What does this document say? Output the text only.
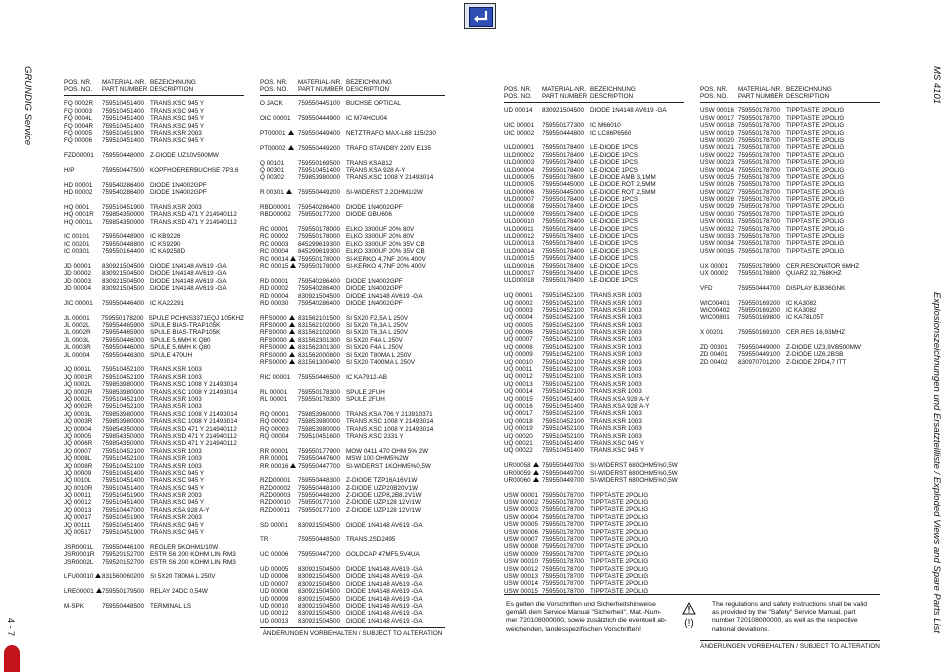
GRUNDIG Service	MS 4101
Explosionszeichnungen und Ersatzteilliste / Exploded Views and Spare Parts List
4 - 7
POS. NR.	MATERIAL-NR. BEZEICHNUNG
POS. NO.	PART NUMBER DESCRIPTION
FQ 0002R	759510451400 TRANS.KSC 945 Y
FQ 00003	759510451400 TRANS.KSC 945 Y
FQ 0004L	759510451400 TRANS.KSC 945 Y
FQ 0004R	759510451400 TRANS.KSC 945 Y
FQ 00005	759510451900 TRANS.KSR 2003
FQ 00006	759510451400 TRANS.KSC 945 Y
FZD00001	759550448000 Z-DIODE UZ10V500MW
H/P	759550447500 KOPFHOERERBUCHSE 7P3,6
HD 00001	759540286400 DIODE 1N4002GPF
HD 00002	759540286400 DIODE 1N4002GPF
HQ 0001	759510451900 TRANS.KSR 2003
HQ 0001R	759854350000 TRANS.KSD 471 Y 214940112
HQ 0001L	759854350000 TRANS.KSD 471 Y 214940112
IC 00101	759550448900 IC KB9226
IC 00201	759550448800 IC KS9290
IC 00301	759550164400 IC KA9258D
JD 00001	830921504500 DIODE 1N4148 AV619 -GA
JD 00002	830921504500 DIODE 1N4148 AV619 -GA
JD 00003	830921504500 DIODE 1N4148 AV619 -GA
JD 00004	830921504500 DIODE 1N4148 AV619 -GA
JIC 00001	759550446400 IC KA22291
JL 00001	759550178200 SPULE PCHNS3371EQJ 105KHZ
JL 0002L	759554465900 SPULE BIAS-TRAP105K
JL 0002R	759554465900 SPULE BIAS-TRAP105K
JL 0003L	759550446000 SPULE 5,6MH K Q80
JL 0003R	759550446000 SPULE 5,6MH K Q80
JL 00004	759550446300 SPULE 470UH
JQ 0001L	759510452100 TRANS.KSR 1003
JQ 0001R	759510452100 TRANS.KSR 1003
JQ 0002L	759853980000 TRANS.KSC 1008 Y 21493014
JQ 0002R	759853980000 TRANS.KSC 1008 Y 21493014
JQ 0002L	759510452100 TRANS.KSR 1003
JQ 0002R	759510452100 TRANS.KSR 1003
JQ 0003L	759853980000 TRANS.KSC 1008 Y 21493014
JQ 0003R	759853980000 TRANS.KSC 1008 Y 21493014
JQ 00004	759854350000 TRANS.KSD 471 Y 214940112
JQ 00005	759854350000 TRANS.KSD 471 Y 214940112
JQ 0006R	759854350000 TRANS.KSD 471 Y 214940112
JQ 00007	759510452100 TRANS.KSR 1003
JQ 0008L	759510452100 TRANS.KSR 1003
JQ 0008R	759510452100 TRANS.KSR 1003
JQ 00009	759510451400 TRANS.KSC 945 Y
JQ 0010L	759510451400 TRANS.KSC 945 Y
JQ 0010R	759510451400 TRANS.KSC 945 Y
JQ 00011	759510451900 TRANS.KSR 2003
JQ 00012	759510451400 TRANS.KSC 945 Y
JQ 00013	759510447000 TRANS.KSA 928 A-Y
JQ 00017	759510451900 TRANS.KSR 2003
JQ 00111	759510451400 TRANS.KSC 945 Y
JQ 00517	759510451900 TRANS.KSC 945 Y
JSR0001L	759550446100 REGLER 5KOHM1/10W
JSR0001R	759520152700 ESTR S6 200 KOHM LIN RM3
JSR0002L	759520152700 ESTR S6 200 KOHM LIN RM3
LFU00010	831560060200 SI 5X20 T80MA L 250V
LRE00001	759550179500 RELAY 24DC 0,54W
M-SPK	759550448500 TERMINAL LS
POS. NR.	MATERIAL-NR. BEZEICHNUNG
POS. NO.	PART NUMBER DESCRIPTION
O JACK	759550445100 BUCHSE OPTICAL
OIC 00001	759550444900 IC M74HCU04
PT00001	759550449400 NETZTRAFO MAX-L68 115/230
PT00002	759550449200 TRAFO STANDBY 220V E135
Q 00101	759550169500 TRANS KSA812
Q 00301	759510451400 TRANS.KSA 928 A-Y
Q 00302	759853980000 TRANS.KSC 1008 Y 21493014
R 00301	759550449200 SI-WIDERST 2,2OHM1/2W
RBD00001	759540286400 DIODE 1N4002GPF
RBD00002	759550177200 DIODE GBU606
RC 00001	759550178000 ELKO 3300UF 20% 80V
RC 00002	759550178000 ELKO 3300UF 20% 80V
RC 00003	845299619300 ELKO 3300UF 20% 35V CB
RC 00004	845299619300 ELKO 3300UF 20% 35V CB
RC 00014	759550178000 SI-KERKO 4,7NF 20% 400V
RC 00015	759550178000 SI-KERKO 4,7NF 20% 400V
RD 00001	759540286400 DIODE 1N4002GPF
RD 00002	759540286400 DIODE 1N4002GPF
RD 00004	830921504500 DIODE 1N4148 AV619 -GA
RD 00030	759540286400 DIODE 1N4002GPF
RFS0000	831562101500 SI 5X20 F2,5A L 250V
RFS0000	831562102000 SI 5X20 T6,3A L 250V
RFS0000	831562102000 SI 5X20 T6,3A L 250V
RFS0000	831562301300 SI 5X20 F4A L 250V
RFS0000	831562301300 SI 5X20 F4A L 250V
RFS0000	831562000800 SI 5X20 T80MA L 250V
RFS0000	831561300400 SI 5X20 T400MA L 250V
RIC 00001	759550446500 IC KA7912-AB
RL 00001	759550178300 SPULE 2FUH
RL 00001	759550178300 SPULE 2FUH
RQ 00001	759853960000 TRANS.KSA 706 Y 213910371
RQ 00002	759853980000 TRANS.KSC 1008 Y 21493014
RQ 00003	759853980000 TRANS.KSC 1008 Y 21493014
RQ 00004	759510451600 TRANS.KSC 2331 Y
RR 00001	759550177900 MOW 0411 470 OHM 5% 2W
RR 00001	759550447600 MSW 100 OHM5%2W
RR 00016	759550447700 SI-WIDERST 1KOHM5%0,5W
RZD00001	759550448300 Z-DIODE TZP16A16V1W
RZD00002	759550448100 Z-DIODE UZP20B20V1W
RZD00003	759550448200 Z-DIODE UZP8,2B8,2V1W
RZD00010	759550177100 Z-DIODE UZP128 12V/1W
RZD00011	759550177100 Z-DIODE UZP128 12V/1W
SD 00001	830921504500 DIODE 1N4148 AV619 -GA
TR	759550448500 TRANS.2SD2495
UC 00006	759550447200 GOLDCAP 47MF5,5V4UA
UD 00005	830921504500 DIODE 1N4148 AV619 -GA
UD 00006	830921504500 DIODE 1N4148 AV619 -GA
UD 00007	830921504500 DIODE 1N4148 AV619 -GA
UD 00008	830921504500 DIODE 1N4148 AV619 -GA
UD 00009	830921504500 DIODE 1N4148 AV619 -GA
UD 00010	830921504500 DIODE 1N4148 AV619 -GA
UD 00012	830921504500 DIODE 1N4148 AV619 -GA
UD 00013	830921504500 DIODE 1N4148 AV619 -GA
POS. NR.	MATERIAL-NR. BEZEICHNUNG
POS. NO.	PART NUMBER DESCRIPTION
UD 00014	830921504500 DIODE 1N4148 AV619 -GA
UIC 00001	759550177300 IC M66010
UIC 00002	759550444800 IC LC86P6560
ULD00001	759550178400 LE-DIODE 1PCS
ULD00002	759550178400 LE-DIODE 1PCS
ULD00003	759550178400 LE-DIODE 1PCS
ULD00004	759550178400 LE-DIODE 1PCS
ULD00005	759550178600 LE-DIODE AMB 3,1MM
ULD00005	759550445000 LE-DIODE ROT 2,5MM
ULD00006	759550445000 LE-DIODE ROT 2,5MM
ULD00007	759550178400 LE-DIODE 1PCS
ULD00008	759550178400 LE-DIODE 1PCS
ULD00009	759550178400 LE-DIODE 1PCS
ULD00010	759550178400 LE-DIODE 1PCS
ULD00011	759550178400 LE-DIODE 1PCS
ULD00012	759550178400 LE-DIODE 1PCS
ULD00013	759550178400 LE-DIODE 1PCS
ULD00014	759550178400 LE-DIODE 1PCS
ULD00015	759550178400 LE-DIODE 1PCS
ULD00016	759550178400 LE-DIODE 1PCS
ULD00017	759550178400 LE-DIODE 1PCS
ULD00018	759550178400 LE-DIODE 1PCS
UQ 00001	759510452100 TRANS.KSR 1003
UQ 00002	759510452100 TRANS.KSR 1003
UQ 00003	759510452100 TRANS.KSR 1003
UQ 00004	759510452100 TRANS.KSR 1003
UQ 00005	759510452100 TRANS.KSR 1003
UQ 00006	759510452100 TRANS.KSR 1003
UQ 00007	759510452100 TRANS.KSR 1003
UQ 00008	759510452100 TRANS.KSR 1003
UQ 00009	759510452100 TRANS.KSR 1003
UQ 00010	759510452100 TRANS.KSR 1003
UQ 00011	759510452100 TRANS.KSR 1003
UQ 00012	759510452100 TRANS.KSR 1003
UQ 00013	759510452100 TRANS.KSR 1003
UQ 00014	759510452100 TRANS.KSR 1003
UQ 00015	759510451400 TRANS.KSA 928 A-Y
UQ 00016	759510451400 TRANS.KSA 928 A-Y
UQ 00017	759510452100 TRANS.KSR 1003
UQ 00018	759510452100 TRANS.KSR 1003
UQ 00019	759510452100 TRANS.KSR 1003
UQ 00020	759510452100 TRANS.KSR 1003
UQ 00021	759510451400 TRANS.KSC 945 Y
UQ 00022	759510451400 TRANS.KSC 945 Y
UR00058	759550449700 SI-WIDERST 680OHM5%0,5W
UR00059	759550449700 SI-WIDERST 680OHM5%0,5W
UR00060	759550449700 SI-WIDERST 680OHM5%0,5W
USW 00001 759550178700 TIPPTASTE 2POLIG
USW 00002 759550178700 TIPPTASTE 2POLIG
USW 00003 759550178700 TIPPTASTE 2POLIG
USW 00004 759550178700 TIPPTASTE 2POLIG
USW 00005 759550178700 TIPPTASTE 2POLIG
USW 00006 759550178700 TIPPTASTE 2POLIG
USW 00007 759550178700 TIPPTASTE 2POLIG
USW 00008 759550178700 TIPPTASTE 2POLIG
USW 00009 759550178700 TIPPTASTE 2POLIG
USW 00010 759550178700 TIPPTASTE 2POLIG
USW 00012 759550178700 TIPPTASTE 2POLIG
USW 00013 759550178700 TIPPTASTE 2POLIG
USW 00014 759550178700 TIPPTASTE 2POLIG
USW 00015 759550178700 TIPPTASTE 2POLIG
POS. NR.	MATERIAL-NR. BEZEICHNUNG
POS. NO.	PART NUMBER DESCRIPTION
USW 00016 759550178700 TIPPTASTE 2POLIG
USW 00017 759550178700 TIPPTASTE 2POLIG
USW 00018 759550178700 TIPPTASTE 2POLIG
USW 00019 759550178700 TIPPTASTE 2POLIG
USW 00020 759550178700 TIPPTASTE 2POLIG
USW 00021 759550178700 TIPPTASTE 2POLIG
USW 00022 759550178700 TIPPTASTE 2POLIG
USW 00023 759550178700 TIPPTASTE 2POLIG
USW 00024 759550178700 TIPPTASTE 2POLIG
USW 00025 759550178700 TIPPTASTE 2POLIG
USW 00026 759550178700 TIPPTASTE 2POLIG
USW 00027 759550178700 TIPPTASTE 2POLIG
USW 00028 759550178700 TIPPTASTE 2POLIG
USW 00029 759550178700 TIPPTASTE 2POLIG
USW 00030 759550178700 TIPPTASTE 2POLIG
USW 00031 759550178700 TIPPTASTE 2POLIG
USW 00032 759550178700 TIPPTASTE 2POLIG
USW 00033 759550178700 TIPPTASTE 2POLIG
USW 00034 759550178700 TIPPTASTE 2POLIG
USW 00035 759550178700 TIPPTASTE 2POLIG
UX 00001	759550178900 CER.RESONATOR 6MHZ
UX 00002	759550178800 QUARZ 32,768KHZ
VFD	759550444700 DISPLAY BJ836GNK
WIC00401	759550169200 IC KA3082
WIC00402	759550169200 IC KA3082
WIC00801	759550169800 IC KA78L05T
X 00201	759550169100 CER.RES 16,93MHZ
ZD 00301	759550449000 Z-DIODE UZ3,9VB500MW
ZD 00401	759550449100 Z-DIODE UZ6,2BSB
ZD 00402	830970701200 Z-DIODE ZPD4,7 ITT
Es gelten die Vorschriften und Sicherheitshinweise
gemäß dem Service Manual "Sicherheit", Mat.-Num-
mer 720108000000, sowie zusätzlich die eventuell ab-
weichenden, landesspezifischen Vorschriften!
(!)
The regulations and safety instructions shall be valid
as provided by the "Safety" Service Manual, part
number 720108000000, as well as the respective
national deviations.
ÄNDERUNGEN VORBEHALTEN / SUBJECT TO ALTERATION
ÄNDERUNGEN VORBEHALTEN / SUBJECT TO ALTERATION
